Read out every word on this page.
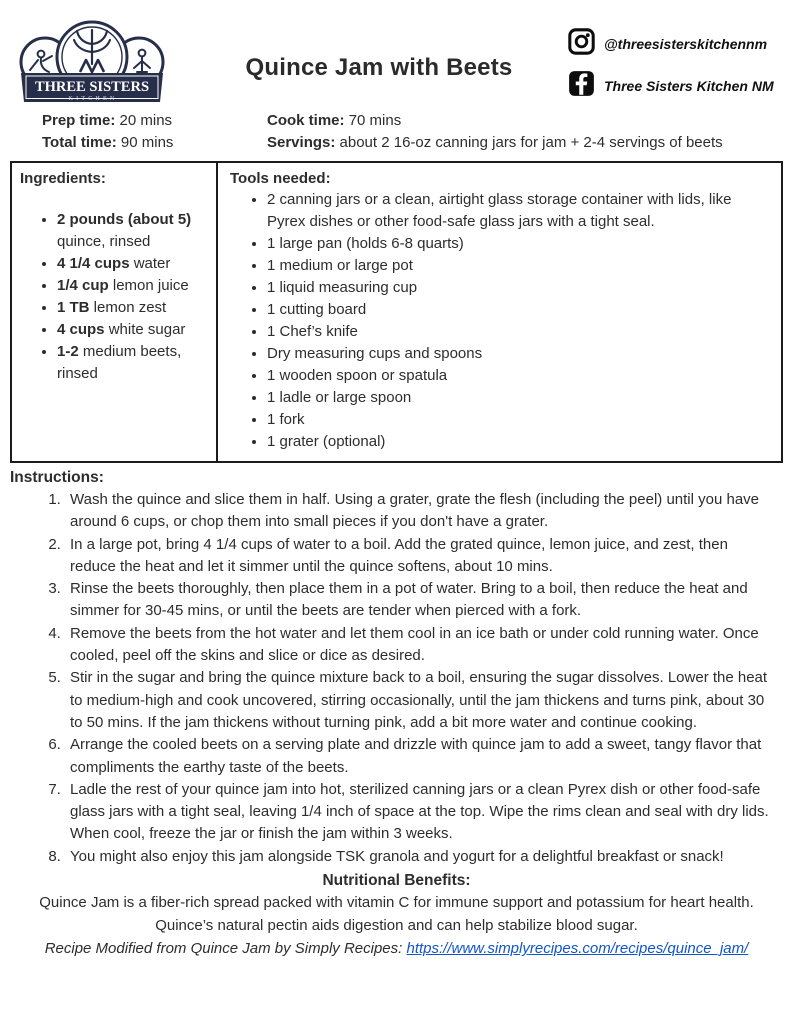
THREE SISTERS
KITCHEN
Quince Jam with Beets
@threesisterskitchennm
Three Sisters Kitchen NM
Prep time: 20 mins	Cook time: 70 mins
Total time: 90 mins	Servings: about 2 16-oz canning jars for jam + 2-4 servings of beets
Ingredients:
• 2 pounds (about 5) quince, rinsed
• 4 1/4 cups water
• 1/4 cup lemon juice
• 1 TB lemon zest
• 4 cups white sugar
• 1-2 medium beets, rinsed
Tools needed:
• 2 canning jars or a clean, airtight glass storage container with lids, like Pyrex dishes or other food-safe glass jars with a tight seal.
• 1 large pan (holds 6-8 quarts)
• 1 medium or large pot
• 1 liquid measuring cup
• 1 cutting board
• 1 Chef’s knife
• Dry measuring cups and spoons
• 1 wooden spoon or spatula
• 1 ladle or large spoon
• 1 fork
• 1 grater (optional)
Instructions:
1. Wash the quince and slice them in half. Using a grater, grate the flesh (including the peel) until you have around 6 cups, or chop them into small pieces if you don't have a grater.
2. In a large pot, bring 4 1/4 cups of water to a boil. Add the grated quince, lemon juice, and zest, then reduce the heat and let it simmer until the quince softens, about 10 mins.
3. Rinse the beets thoroughly, then place them in a pot of water. Bring to a boil, then reduce the heat and simmer for 30-45 mins, or until the beets are tender when pierced with a fork.
4. Remove the beets from the hot water and let them cool in an ice bath or under cold running water. Once cooled, peel off the skins and slice or dice as desired.
5. Stir in the sugar and bring the quince mixture back to a boil, ensuring the sugar dissolves. Lower the heat to medium-high and cook uncovered, stirring occasionally, until the jam thickens and turns pink, about 30 to 50 mins. If the jam thickens without turning pink, add a bit more water and continue cooking.
6. Arrange the cooled beets on a serving plate and drizzle with quince jam to add a sweet, tangy flavor that compliments the earthy taste of the beets.
7. Ladle the rest of your quince jam into hot, sterilized canning jars or a clean Pyrex dish or other food-safe glass jars with a tight seal, leaving 1/4 inch of space at the top. Wipe the rims clean and seal with dry lids. When cool, freeze the jar or finish the jam within 3 weeks.
8. You might also enjoy this jam alongside TSK granola and yogurt for a delightful breakfast or snack!
Nutritional Benefits:
Quince Jam is a fiber-rich spread packed with vitamin C for immune support and potassium for heart health.
Quince’s natural pectin aids digestion and can help stabilize blood sugar.
Recipe Modified from Quince Jam by Simply Recipes: https://www.simplyrecipes.com/recipes/quince_jam/
